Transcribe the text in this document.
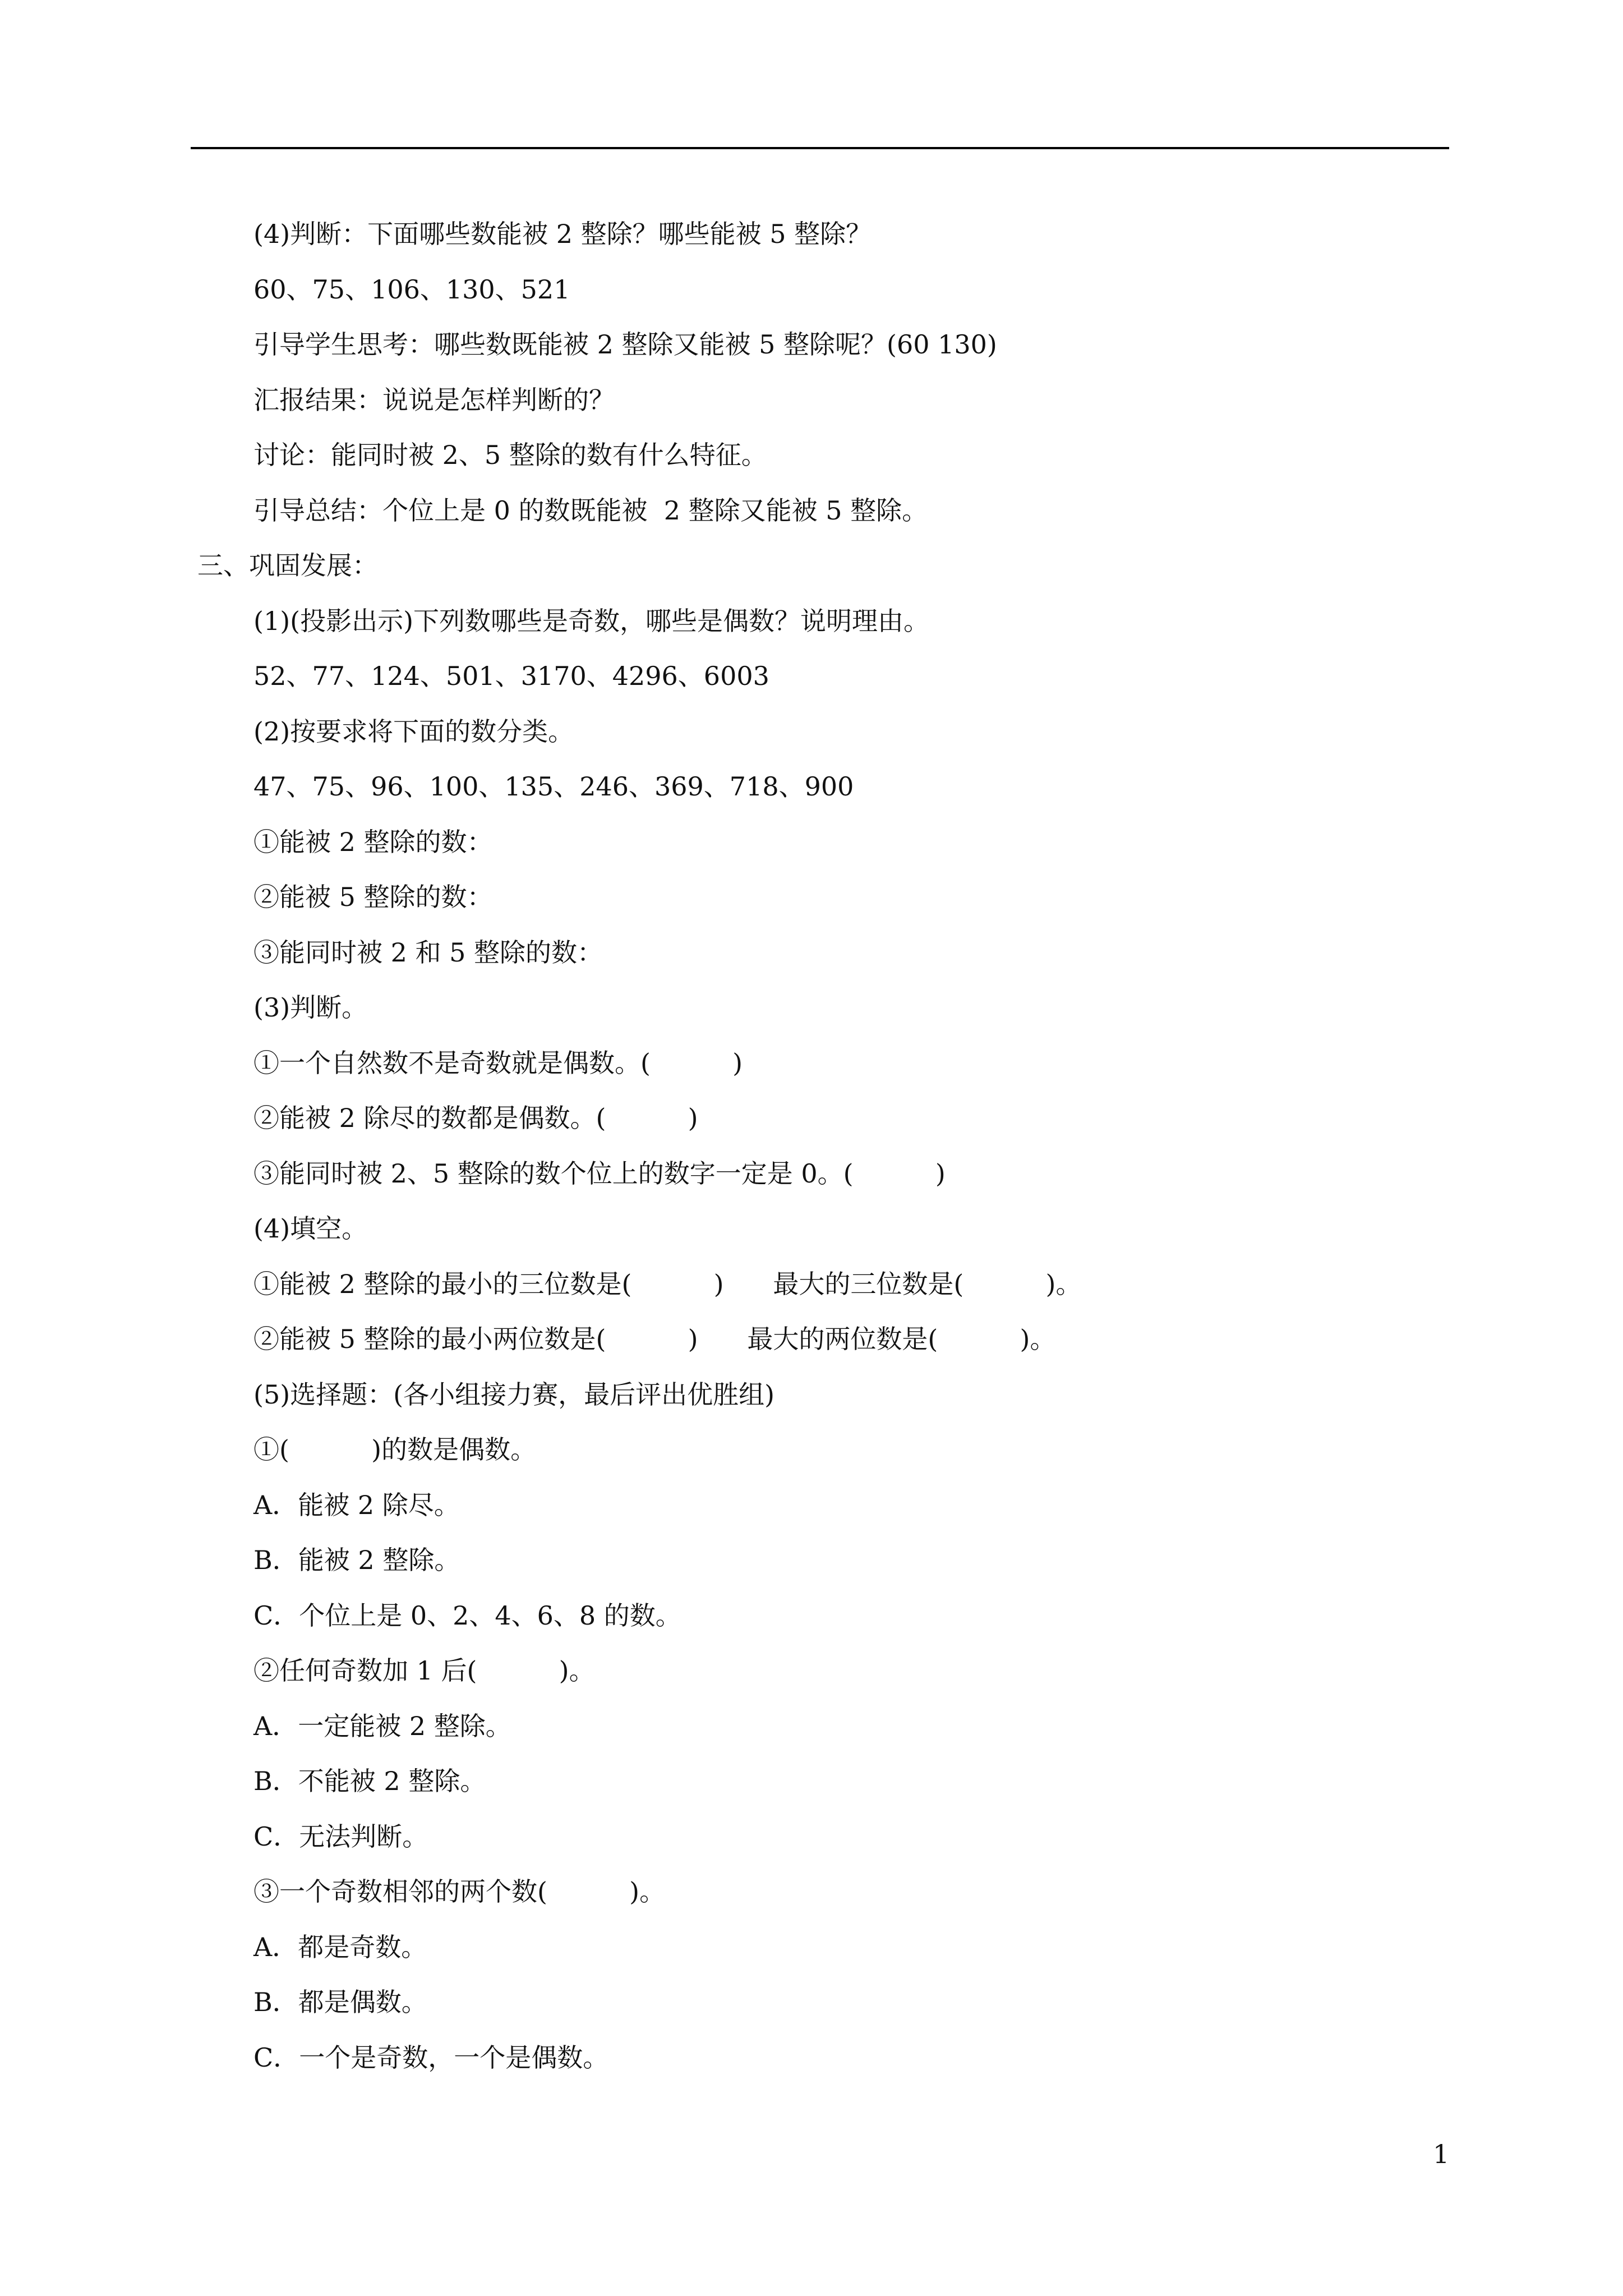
(4)判断：下面哪些数能被 2 整除？哪些能被 5 整除？
60、75、106、130、521
引导学生思考：哪些数既能被 2 整除又能被 5 整除呢？(60 130)
汇报结果：说说是怎样判断的？
讨论：能同时被 2、5 整除的数有什么特征。
引导总结：个位上是 0 的数既能被  2 整除又能被 5 整除。
三、巩固发展：
(1)(投影出示)下列数哪些是奇数，哪些是偶数？说明理由。
52、77、124、501、3170、4296、6003
(2)按要求将下面的数分类。
47、75、96、100、135、246、369、718、900
①能被 2 整除的数：
②能被 5 整除的数：
③能同时被 2 和 5 整除的数：
(3)判断。
①一个自然数不是奇数就是偶数。(          )
②能被 2 除尽的数都是偶数。(          )
③能同时被 2、5 整除的数个位上的数字一定是 0。(          )
(4)填空。
①能被 2 整除的最小的三位数是(          )      最大的三位数是(          )。
②能被 5 整除的最小两位数是(          )      最大的两位数是(          )。
(5)选择题：(各小组接力赛，最后评出优胜组)
①(          )的数是偶数。
A．能被 2 除尽。
B．能被 2 整除。
C．个位上是 0、2、4、6、8 的数。
②任何奇数加 1 后(          )。
A．一定能被 2 整除。
B．不能被 2 整除。
C．无法判断。
③一个奇数相邻的两个数(          )。
A．都是奇数。
B．都是偶数。
C．一个是奇数，一个是偶数。
1
